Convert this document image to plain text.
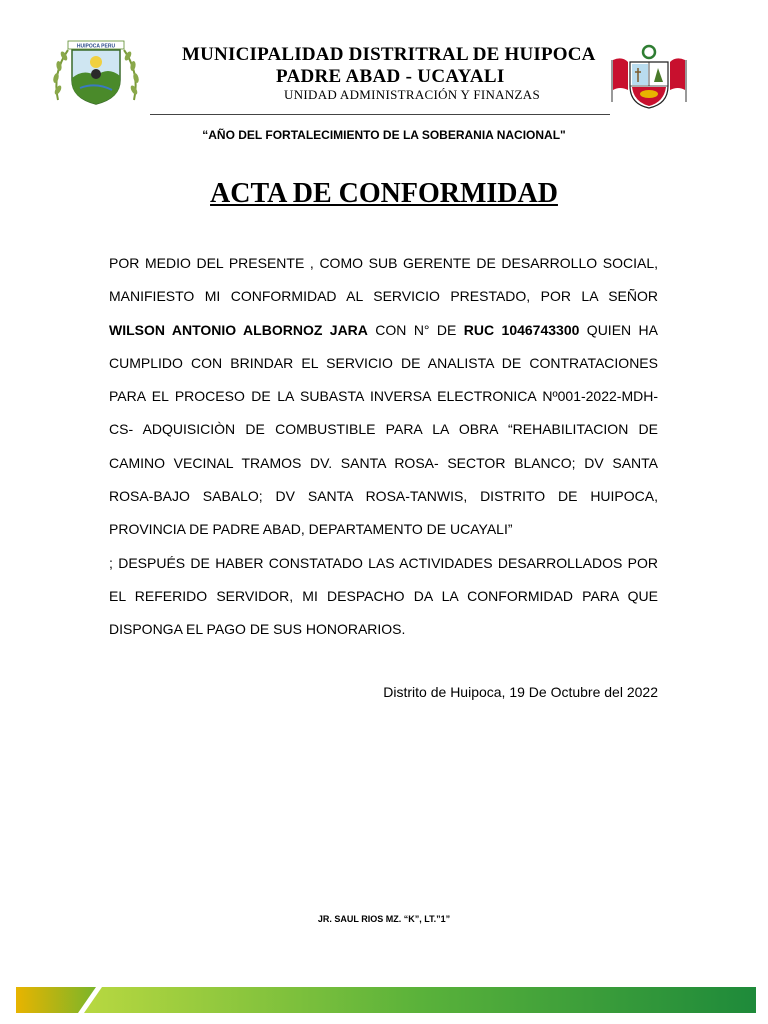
HUIPOCA PERU	MUNICIPALIDAD DISTRITRAL DE HUIPOCA
PADRE ABAD - UCAYALI
UNIDAD ADMINISTRACIÓN Y FINANZAS
“AÑO DEL FORTALECIMIENTO DE LA SOBERANIA NACIONAL"
ACTA DE CONFORMIDAD

POR MEDIO DEL PRESENTE , COMO SUB GERENTE DE DESARROLLO SOCIAL, MANIFIESTO MI CONFORMIDAD AL SERVICIO PRESTADO, POR LA SEÑOR WILSON ANTONIO ALBORNOZ JARA CON N° DE RUC 1046743300 QUIEN HA CUMPLIDO CON BRINDAR EL SERVICIO DE ANALISTA DE CONTRATACIONES PARA EL PROCESO DE LA SUBASTA INVERSA ELECTRONICA Nº001-2022-MDH-CS- ADQUISICIÒN DE COMBUSTIBLE PARA LA OBRA “REHABILITACION DE CAMINO VECINAL TRAMOS DV. SANTA ROSA- SECTOR BLANCO; DV SANTA ROSA-BAJO SABALO; DV SANTA ROSA-TANWIS, DISTRITO DE HUIPOCA, PROVINCIA DE PADRE ABAD, DEPARTAMENTO DE UCAYALI”

; DESPUÉS DE HABER CONSTATADO LAS ACTIVIDADES DESARROLLADOS POR EL REFERIDO SERVIDOR, MI DESPACHO DA LA CONFORMIDAD PARA QUE DISPONGA EL PAGO DE SUS HONORARIOS.

Distrito de Huipoca, 19 De Octubre del 2022
JR. SAUL RIOS MZ. “K”, LT.”1”
